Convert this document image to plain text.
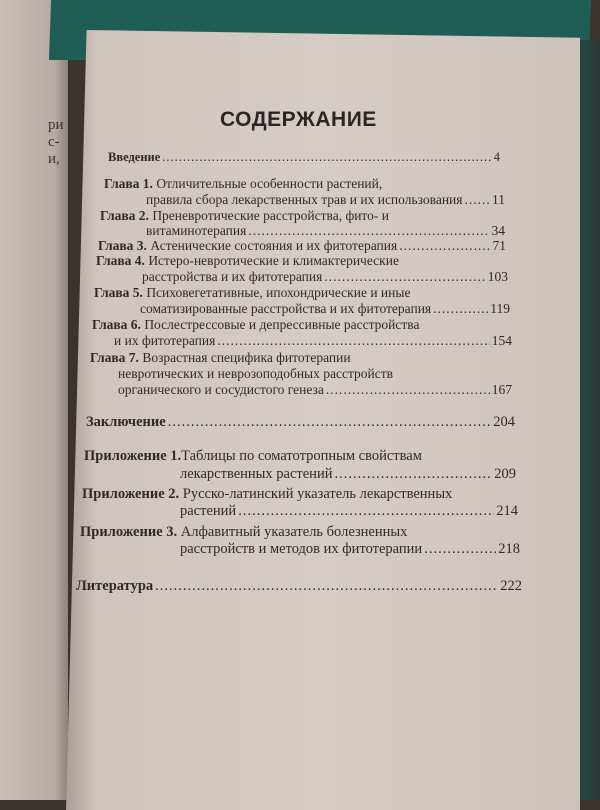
ри
с-
и,
СОДЕРЖАНИЕ
Введение .....	4
Глава 1. Отличительные особенности растений,
правила сбора лекарственных трав и их использования ..... 11
Глава 2. Преневротические расстройства, фито- и
витаминотерапия .....	34
Глава 3. Астенические состояния и их фитотерапия .....	71
Глава 4. Истеро-невротические и климактерические
расстройства и их фитотерапия .....	103
Глава 5. Психовегетативные, ипохондрические и иные
соматизированные расстройства и их фитотерапия .....	119
Глава 6. Послестрессовые и депрессивные расстройства
и их фитотерапия .....	154
Глава 7. Возрастная специфика фитотерапии
невротических и неврозоподобных расстройств
органического и сосудистого генеза .....	167
Заключение .....	204
Приложение 1.Таблицы по соматотропным свойствам
лекарственных растений .....	209
Приложение 2. Русско-латинский указатель лекарственных
растений .....	214
Приложение 3. Алфавитный указатель болезненных
расстройств и методов их фитотерапии .....	218
Литература .....	222
